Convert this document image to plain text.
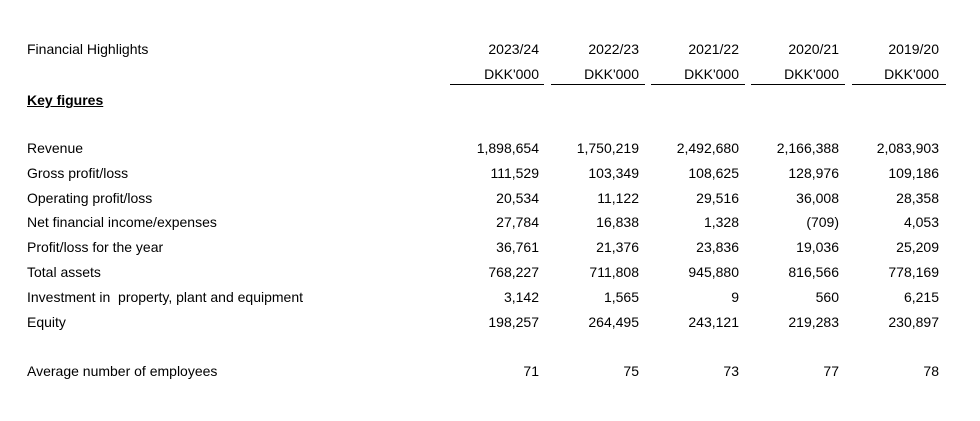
Financial Highlights
Key figures
2023/24	2022/23	2021/22	2020/21	2019/20
DKK'000	DKK'000	DKK'000	DKK'000	DKK'000
Revenue	1,898,654	1,750,219	2,492,680	2,166,388	2,083,903
Gross profit/loss	111,529	103,349	108,625	128,976	109,186
Operating profit/loss	20,534	11,122	29,516	36,008	28,358
Net financial income/expenses	27,784	16,838	1,328	(709)	4,053
Profit/loss for the year	36,761	21,376	23,836	19,036	25,209
Total assets	768,227	711,808	945,880	816,566	778,169
Investment in  property, plant and equipment	3,142	1,565	9	560	6,215
Equity	198,257	264,495	243,121	219,283	230,897
Average number of employees	71	75	73	77	78
